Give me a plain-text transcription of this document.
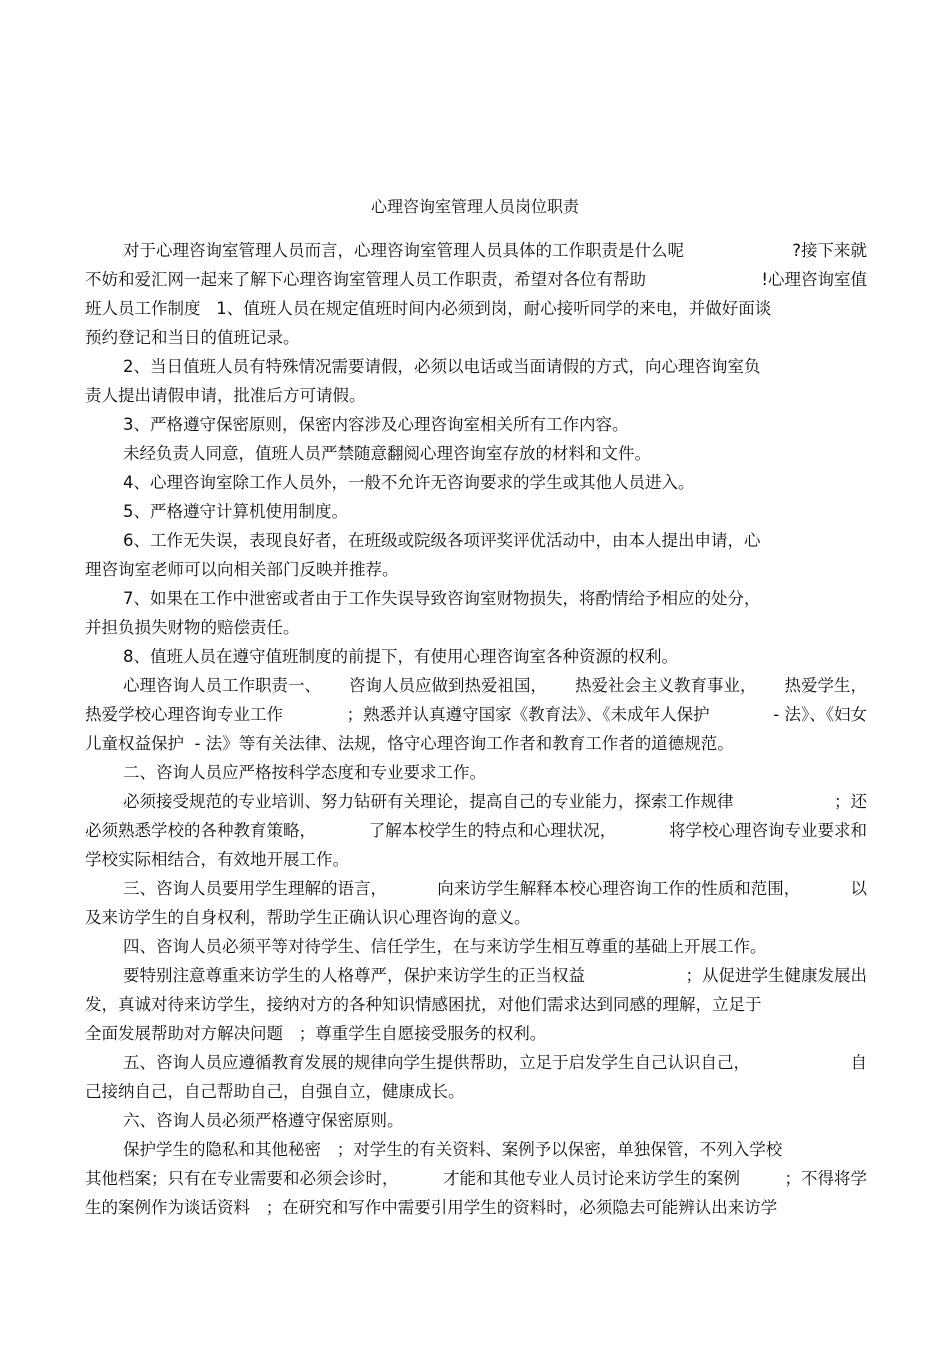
心理咨询室管理人员岗位职责
对于心理咨询室管理人员而言，心理咨询室管理人员具体的工作职责是什么呢	?接下来就
不妨和爱汇网一起来了解下心理咨询室管理人员工作职责，希望对各位有帮助	!心理咨询室值
班人员工作制度   1、值班人员在规定值班时间内必须到岗，耐心接听同学的来电，并做好面谈
预约登记和当日的值班记录。
2、当日值班人员有特殊情况需要请假，必须以电话或当面请假的方式，向心理咨询室负
责人提出请假申请，批准后方可请假。
3、严格遵守保密原则，保密内容涉及心理咨询室相关所有工作内容。
未经负责人同意，值班人员严禁随意翻阅心理咨询室存放的材料和文件。
4、心理咨询室除工作人员外，一般不允许无咨询要求的学生或其他人员进入。
5、严格遵守计算机使用制度。
6、工作无失误，表现良好者，在班级或院级各项评奖评优活动中，由本人提出申请，心
理咨询室老师可以向相关部门反映并推荐。
7、如果在工作中泄密或者由于工作失误导致咨询室财物损失，将酌情给予相应的处分，
并担负损失财物的赔偿责任。
8、值班人员在遵守值班制度的前提下，有使用心理咨询室各种资源的权利。
心理咨询人员工作职责一、 咨询人员应做到热爱祖国， 热爱社会主义教育事业， 热爱学生，
热爱学校心理咨询专业工作	；熟悉并认真遵守国家《教育法》、《未成年人保护	- 法》、《妇女
儿童权益保护  - 法》等有关法律、法规，恪守心理咨询工作者和教育工作者的道德规范。
二、咨询人员应严格按科学态度和专业要求工作。
必须接受规范的专业培训、努力钻研有关理论，提高自己的专业能力，探索工作规律	；还
必须熟悉学校的各种教育策略，	了解本校学生的特点和心理状况，	将学校心理咨询专业要求和
学校实际相结合，有效地开展工作。
三、咨询人员要用学生理解的语言，	向来访学生解释本校心理咨询工作的性质和范围，	以
及来访学生的自身权利，帮助学生正确认识心理咨询的意义。
四、咨询人员必须平等对待学生、信任学生，在与来访学生相互尊重的基础上开展工作。
要特别注意尊重来访学生的人格尊严，保护来访学生的正当权益	；从促进学生健康发展出
发，真诚对待来访学生，接纳对方的各种知识情感困扰，对他们需求达到同感的理解，立足于
全面发展帮助对方解决问题   ；尊重学生自愿接受服务的权利。
五、咨询人员应遵循教育发展的规律向学生提供帮助，立足于启发学生自己认识自己，	自
己接纳自己，自己帮助自己，自强自立，健康成长。
六、咨询人员必须严格遵守保密原则。
保护学生的隐私和其他秘密   ；对学生的有关资料、案例予以保密，单独保管，不列入学校
其他档案；只有在专业需要和必须会诊时，	才能和其他专业人员讨论来访学生的案例	；不得将学
生的案例作为谈话资料   ；在研究和写作中需要引用学生的资料时，必须隐去可能辨认出来访学
